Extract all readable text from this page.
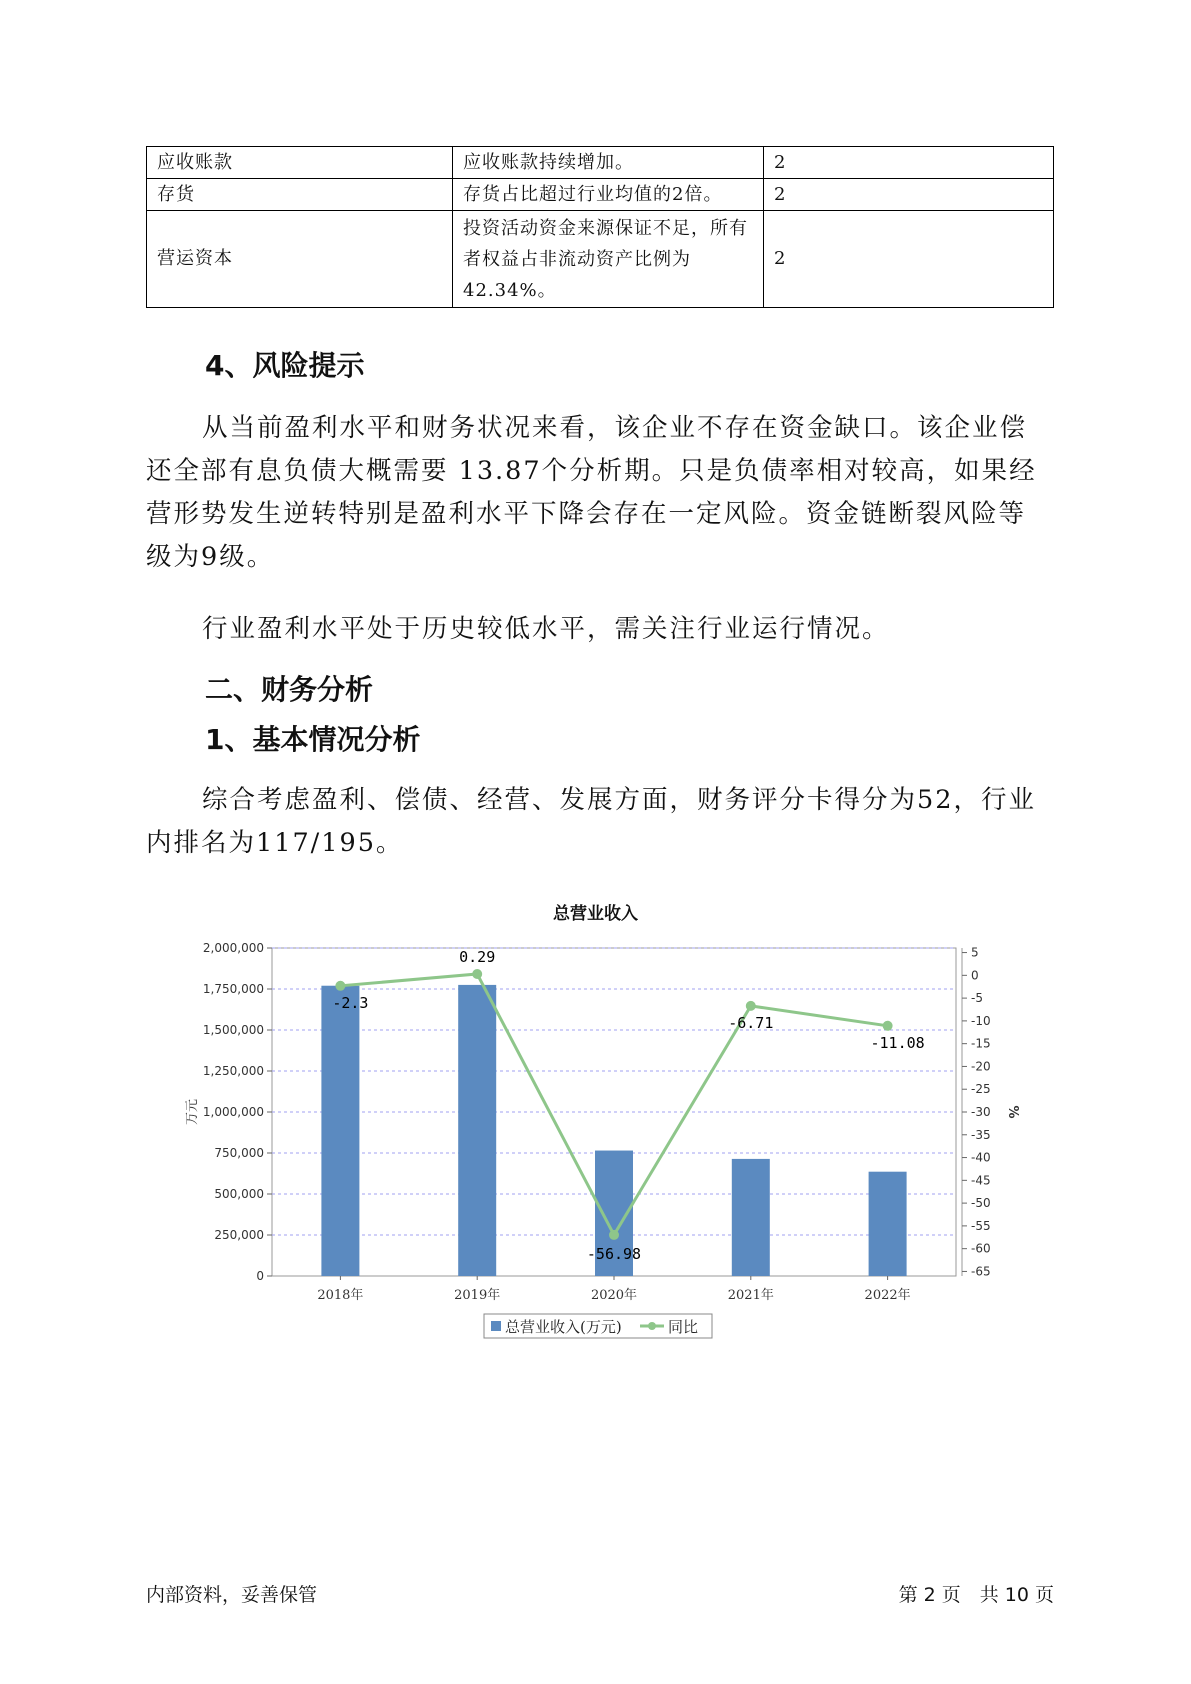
应收账款	应收账款持续增加。	2
存货	存货占比超过行业均值的2倍。	2
营运资本	投资活动资金来源保证不足，所有者权益占非流动资产比例为42.34%。	2
4、风险提示

从当前盈利水平和财务状况来看，该企业不存在资金缺口。该企业偿还全部有息负债大概需要 13.87个分析期。只是负债率相对较高，如果经营形势发生逆转特别是盈利水平下降会存在一定风险。资金链断裂风险等级为9级。

行业盈利水平处于历史较低水平，需关注行业运行情况。

二、财务分析
1、基本情况分析

综合考虑盈利、偿债、经营、发展方面，财务评分卡得分为52，行业内排名为117/195。

总营业收入
0
250,000
500,000
750,000
1,000,000
1,250,000
1,500,000
1,750,000
2,000,000	5
0
-5
-10
-15
-20
-25
-30
-35
-40
-45
-50
-55
-60
-65
万元	%
2018年	2019年	2020年	2021年	2022年
-2.3
0.29
-56.98
-6.71
-11.08
总营业收入(万元)	同比
内部资料，妥善保管	第 2 页　共 10 页
